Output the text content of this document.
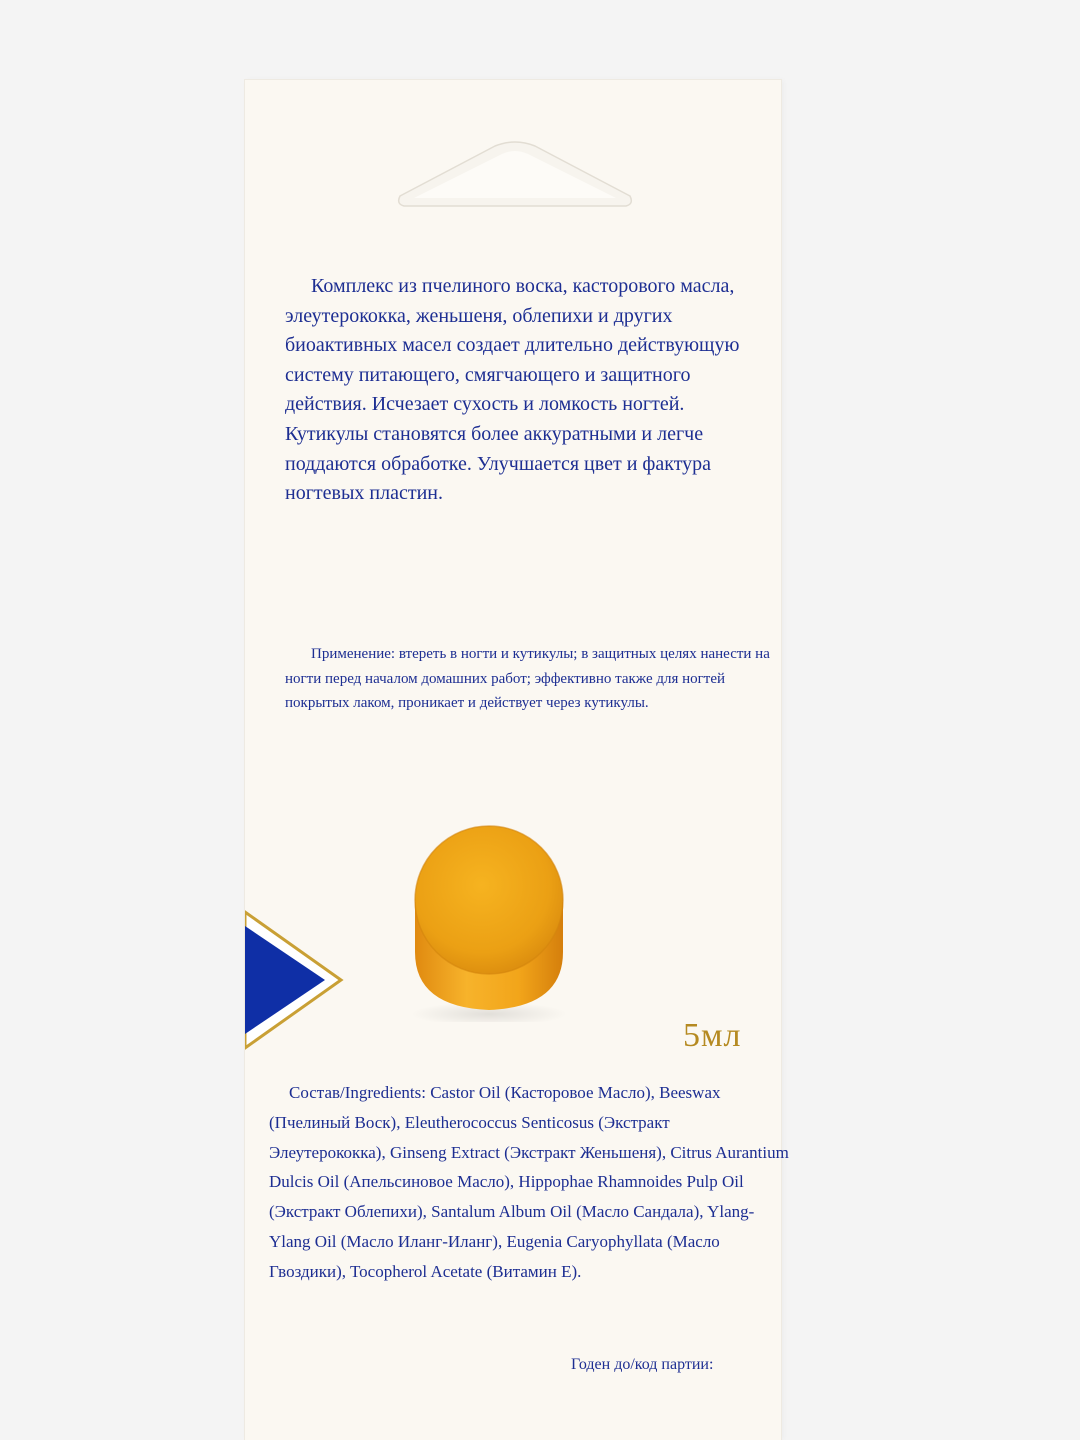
Комплекс из пчелиного воска, касторового масла, элеутерококка, женьшеня, облепихи и других биоактивных масел создает длительно действующую систему питающего, смягчающего и защитного действия. Исчезает сухость и ломкость ногтей. Кутикулы становятся более аккуратными и легче поддаются обработке. Улучшается цвет и фактура ногтевых пластин.

Применение: втереть в ногти и кутикулы; в защитных целях нанести на ногти перед началом домашних работ; эффективно также для ногтей покрытых лаком, проникает и действует через кутикулы.

5мл

Состав/Ingredients: Castor Oil (Касторовое Масло), Beeswax (Пчелиный Воск), Eleutherococcus Senticosus (Экстракт Элеутерококка), Ginseng Extract (Экстракт Женьшеня), Citrus Aurantium Dulcis Oil (Апельсиновое Масло), Hippophae Rhamnoides Pulp Oil (Экстракт Облепихи), Santalum Album Oil (Масло Сандала), Ylang-Ylang Oil (Масло Иланг-Иланг), Eugenia Caryophyllata (Масло Гвоздики), Tocopherol Acetate (Витамин Е).

Годен до/код партии:
